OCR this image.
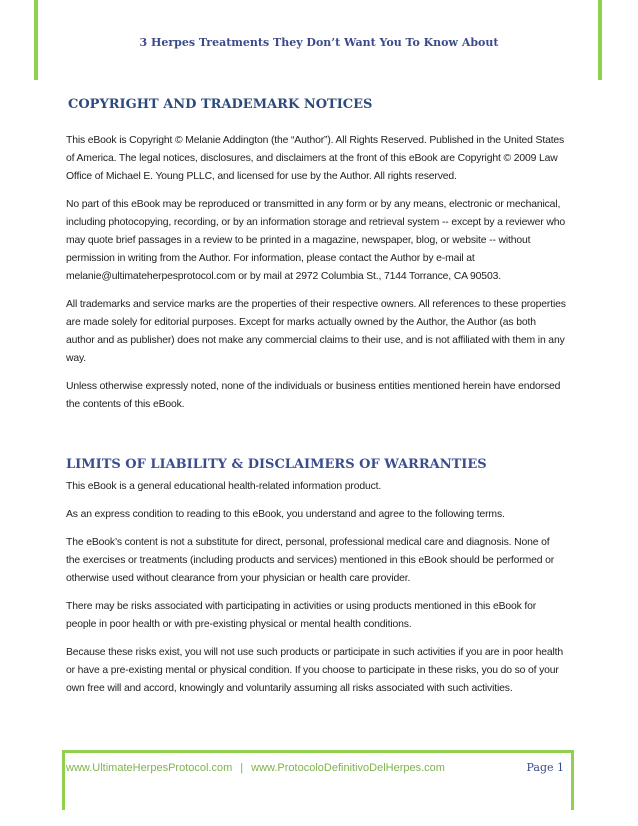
3 Herpes Treatments They Don’t Want You To Know About
COPYRIGHT AND TRADEMARK NOTICES

This eBook is Copyright © Melanie Addington (the “Author”). All Rights Reserved. Published in the United States of America. The legal notices, disclosures, and disclaimers at the front of this eBook are Copyright © 2009 Law Office of Michael E. Young PLLC, and licensed for use by the Author. All rights reserved.

No part of this eBook may be reproduced or transmitted in any form or by any means, electronic or mechanical, including photocopying, recording, or by an information storage and retrieval system -- except by a reviewer who may quote brief passages in a review to be printed in a magazine, newspaper, blog, or website -- without permission in writing from the Author. For information, please contact the Author by e-mail at melanie@ultimateherpesprotocol.com or by mail at 2972 Columbia St., 7144 Torrance, CA 90503.

All trademarks and service marks are the properties of their respective owners. All references to these properties are made solely for editorial purposes. Except for marks actually owned by the Author, the Author (as both author and as publisher) does not make any commercial claims to their use, and is not affiliated with them in any way.

Unless otherwise expressly noted, none of the individuals or business entities mentioned herein have endorsed the contents of this eBook.

LIMITS OF LIABILITY & DISCLAIMERS OF WARRANTIES

This eBook is a general educational health-related information product.

As an express condition to reading to this eBook, you understand and agree to the following terms.

The eBook’s content is not a substitute for direct, personal, professional medical care and diagnosis. None of the exercises or treatments (including products and services) mentioned in this eBook should be performed or otherwise used without clearance from your physician or health care provider.

There may be risks associated with participating in activities or using products mentioned in this eBook for people in poor health or with pre-existing physical or mental health conditions.

Because these risks exist, you will not use such products or participate in such activities if you are in poor health or have a pre-existing mental or physical condition. If you choose to participate in these risks, you do so of your own free will and accord, knowingly and voluntarily assuming all risks associated with such activities.

www.UltimateHerpesProtocol.com | www.ProtocoloDefinitivoDelHerpes.com	Page 1
